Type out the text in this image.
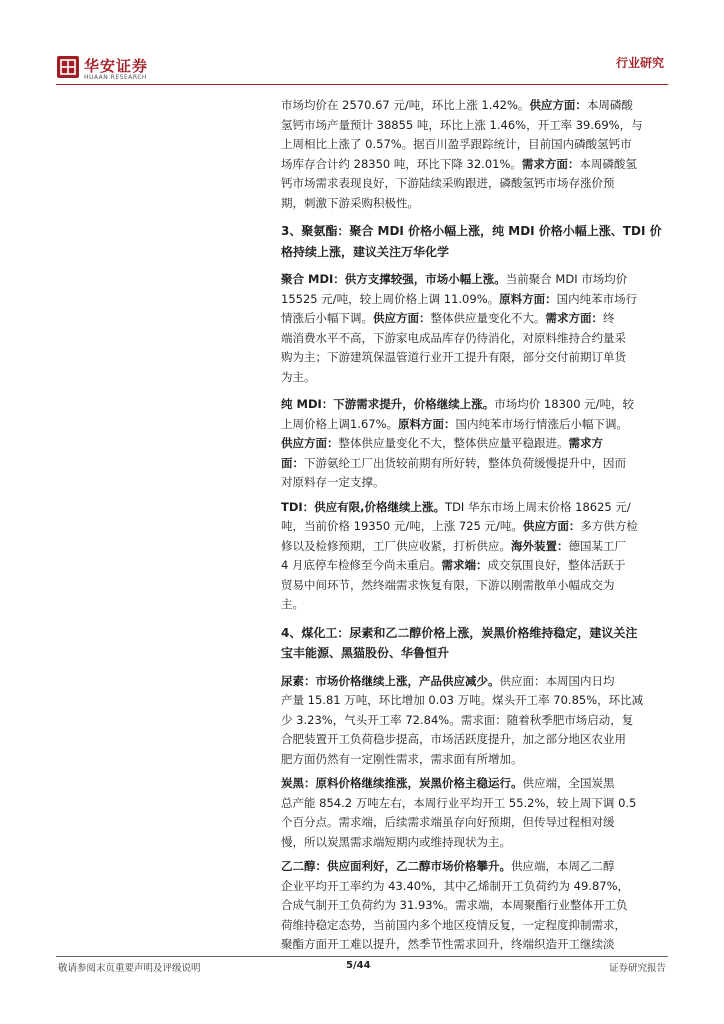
华安证券
HUAAN RESEARCH
行业研究

市场均价在 2570.67 元/吨，环比上涨 1.42%。供应方面：本周磷酸
氢钙市场产量预计 38855 吨，环比上涨 1.46%，开工率 39.69%，与
上周相比上涨了 0.57%。据百川盈孚跟踪统计，目前国内磷酸氢钙市
场库存合计约 28350 吨，环比下降 32.01%。需求方面：本周磷酸氢
钙市场需求表现良好，下游陆续采购跟进，磷酸氢钙市场存涨价预
期，刺激下游采购积极性。

3、聚氨酯：聚合 MDI 价格小幅上涨，纯 MDI 价格小幅上涨、TDI 价
格持续上涨，建议关注万华化学

聚合 MDI：供方支撑较强，市场小幅上涨。当前聚合 MDI 市场均价
15525 元/吨，较上周价格上调 11.09%。原料方面：国内纯苯市场行
情涨后小幅下调。供应方面：整体供应量变化不大。需求方面：终
端消费水平不高，下游家电成品库存仍待消化，对原料维持合约量采
购为主；下游建筑保温管道行业开工提升有限，部分交付前期订单货
为主。

纯 MDI：下游需求提升，价格继续上涨。市场均价 18300 元/吨，较
上周价格上调1.67%。原料方面：国内纯苯市场行情涨后小幅下调。
供应方面：整体供应量变化不大，整体供应量平稳跟进。需求方
面：下游氨纶工厂出货较前期有所好转，整体负荷缓慢提升中，因而
对原料存一定支撑。

TDI：供应有限,价格继续上涨。TDI 华东市场上周末价格 18625 元/
吨，当前价格 19350 元/吨，上涨 725 元/吨。供应方面：多方供方检
修以及检修预期，工厂供应收紧，打析供应。海外装置：德国某工厂
4 月底停车检修至今尚未重启。需求端：成交氛围良好，整体活跃于
贸易中间环节，然终端需求恢复有限，下游以刚需散单小幅成交为
主。

4、煤化工：尿素和乙二醇价格上涨，炭黑价格维持稳定，建议关注
宝丰能源、黑猫股份、华鲁恒升

尿素：市场价格继续上涨，产品供应减少。供应面：本周国内日均
产量 15.81 万吨，环比增加 0.03 万吨。煤头开工率 70.85%，环比减
少 3.23%，气头开工率 72.84%。需求面：随着秋季肥市场启动，复
合肥装置开工负荷稳步提高，市场活跃度提升，加之部分地区农业用
肥方面仍然有一定刚性需求，需求面有所增加。

炭黑：原料价格继续推涨，炭黑价格主稳运行。供应端，全国炭黑
总产能 854.2 万吨左右，本周行业平均开工 55.2%，较上周下调 0.5
个百分点。需求端，后续需求端虽存向好预期，但传导过程相对缓
慢，所以炭黑需求端短期内或维持现状为主。

乙二醇：供应面利好，乙二醇市场价格攀升。供应端，本周乙二醇
企业平均开工率约为 43.40%，其中乙烯制开工负荷约为 49.87%，
合成气制开工负荷约为 31.93%。需求端，本周聚酯行业整体开工负
荷维持稳定态势，当前国内多个地区疫情反复，一定程度抑制需求，
聚酯方面开工难以提升，然季节性需求回升，终端织造开工继续淡

敬请参阅末页重要声明及评级说明	5/44	证券研究报告
